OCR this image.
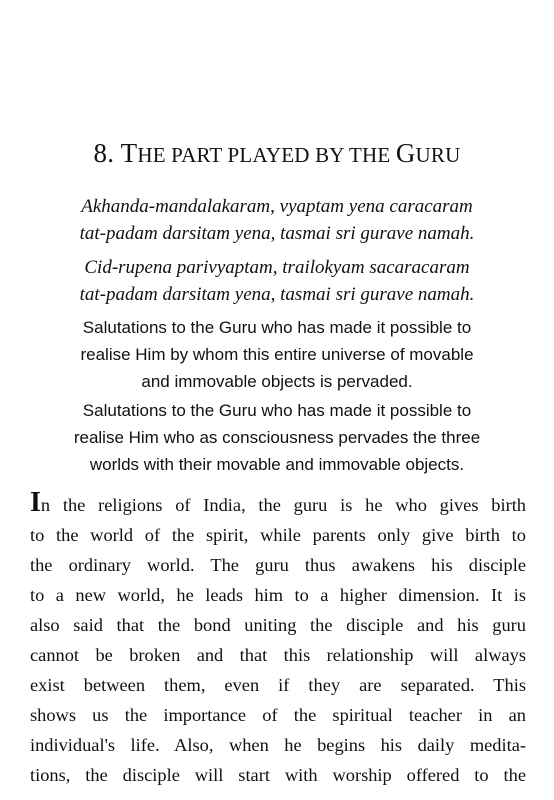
8. THE PART PLAYED BY THE GURU

Akhanda-mandalakaram, vyaptam yena caracaram
tat-padam darsitam yena, tasmai sri gurave namah.

Cid-rupena parivyaptam, trailokyam sacaracaram
tat-padam darsitam yena, tasmai sri gurave namah.

Salutations to the Guru who has made it possible to
realise Him by whom this entire universe of movable
and immovable objects is pervaded.

Salutations to the Guru who has made it possible to
realise Him who as consciousness pervades the three
worlds with their movable and immovable objects.

In the religions of India, the guru is he who gives birth
to the world of the spirit, while parents only give birth to
the ordinary world. The guru thus awakens his disciple
to a new world, he leads him to a higher dimension. It is
also said that the bond uniting the disciple and his guru
cannot be broken and that this relationship will always
exist between them, even if they are separated. This
shows us the importance of the spiritual teacher in an
individual's life. Also, when he begins his daily medita-
tions, the disciple will start with worship offered to the
